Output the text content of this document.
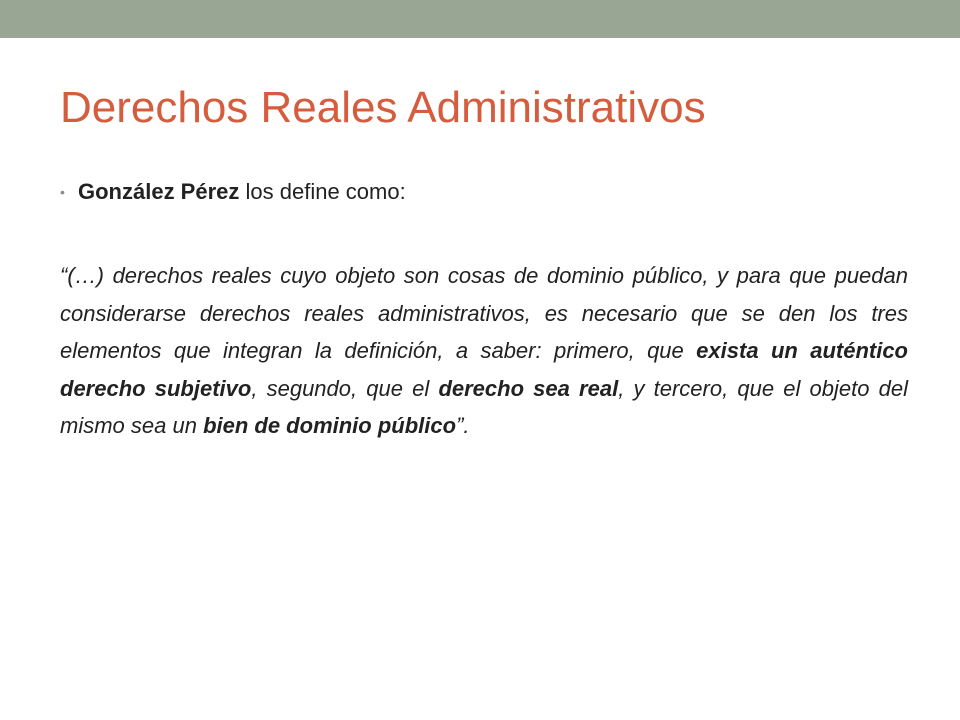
Derechos Reales Administrativos
• González Pérez los define como:

“(…) derechos reales cuyo objeto son cosas de dominio público, y para que puedan considerarse derechos reales administrativos, es necesario que se den los tres elementos que integran la definición, a saber: primero, que exista un auténtico derecho subjetivo, segundo, que el derecho sea real, y tercero, que el objeto del mismo sea un bien de dominio público”.
